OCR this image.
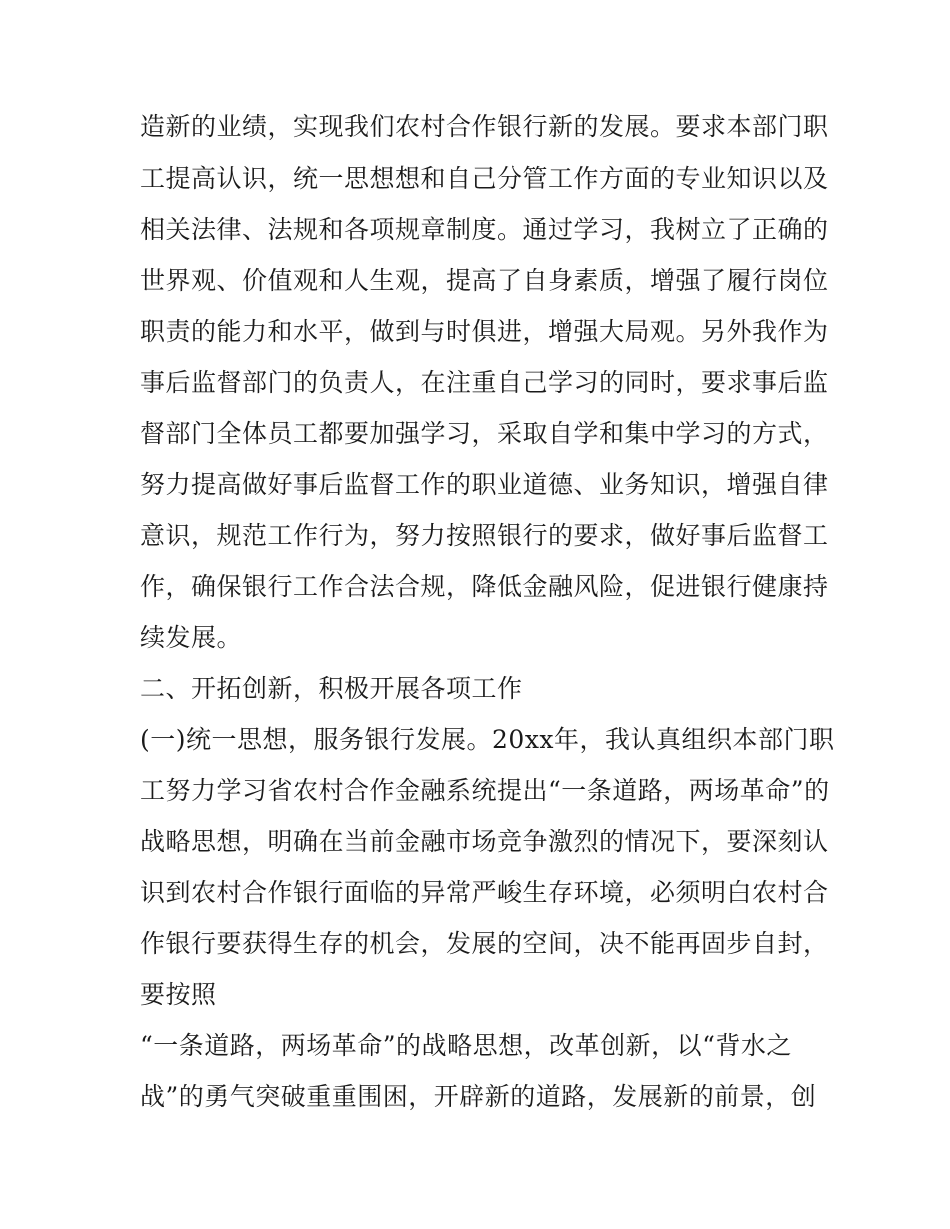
造新的业绩，实现我们农村合作银行新的发展。要求本部门职
工提高认识，统一思想想和自己分管工作方面的专业知识以及
相关法律、法规和各项规章制度。通过学习，我树立了正确的
世界观、价值观和人生观，提高了自身素质，增强了履行岗位
职责的能力和水平，做到与时俱进，增强大局观。另外我作为
事后监督部门的负责人，在注重自己学习的同时，要求事后监
督部门全体员工都要加强学习，采取自学和集中学习的方式，
努力提高做好事后监督工作的职业道德、业务知识，增强自律
意识，规范工作行为，努力按照银行的要求，做好事后监督工
作，确保银行工作合法合规，降低金融风险，促进银行健康持
续发展。
二、开拓创新，积极开展各项工作
(一)统一思想，服务银行发展。20xx年，我认真组织本部门职
工努力学习省农村合作金融系统提出“一条道路，两场革命”的
战略思想，明确在当前金融市场竞争激烈的情况下，要深刻认
识到农村合作银行面临的异常严峻生存环境，必须明白农村合
作银行要获得生存的机会，发展的空间，决不能再固步自封，
要按照
“一条道路，两场革命”的战略思想，改革创新，以“背水之
战”的勇气突破重重围困，开辟新的道路，发展新的前景，创
